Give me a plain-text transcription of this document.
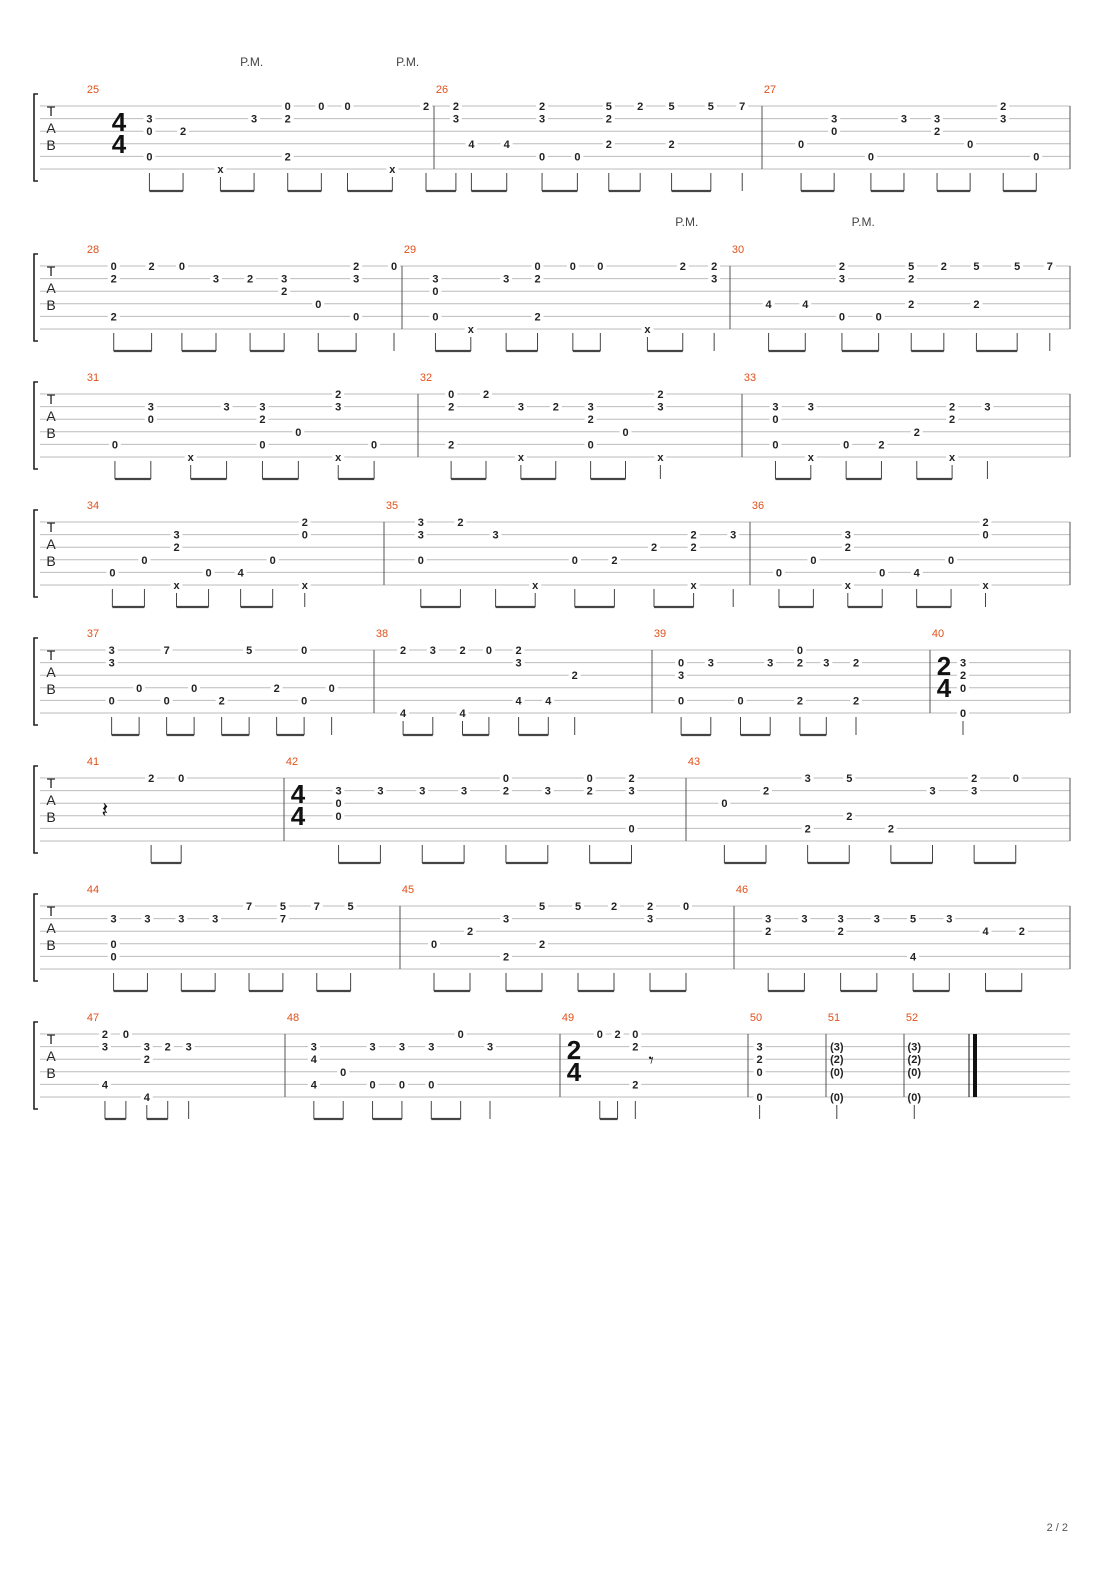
T
A
B
P.M.	P.M.
25
4
4
3
0
0
2
x
3
0
2
2
0 0
x
2 2
3
26
4	4
2
3
0	0
5
2
2
2 5
2
5 7
27
0
3
0
0
3 3
2
0
2
3
0
T
A
B
P.M.	P.M.
28
0
2
2
2 0
3	2	3
2
0
2
3
0
0
29
3
0
0
x
3
0
2
2
0 0
x
2 2
3
30
4	4
2
3
0	0
5
2
2
2 5
2
5 7
T
A
B
31
0
3
0
x
3	3
2
0
0
2
3
x
0
32
0
2
2
2
3
x
2	3
2
0
0
2
3
x
33
3
0
0
3
x
0	2
2
2
2
x
3
T
A
B
34
0
0
3
2
x
0 4
0
2
0
x
35
3
3
0
2
3
x
0	2
2
2
2
x
3
36
0
0
3
2
x
0	4
0
2
0
x
T
A
B
37
3
3
0
0
7
0
0
2
5
2
0
0
0
38
2
4
3 2
4
0 2
3
4 4
2
39
0
3
0
3
0
3
0
2
2
3 2
2
40
2
4
3
2
0
0
T
A
B
41
𝄽
2 0
42
4
4
3
0
0
3	3	3
0
2	3
0
2
2
3
0
43
0
2
3
2
5
2
2
3
2
3
0
T
A
B
44
3
0
0
3	3	3
7	5
7
7	5
45
0
2
3
2
5
2
5	2	2
3
0
46
3
2
3	3
2
3	5
4
3
4	2
T
A
B
47
2
3
4
0
3
2
4
2 3
48
3
4
4
0
3
0
3
0
3
0
0
3
49
2
4
0 2 0
2
2
𝄾
50
3
2
0
0
51
(3)
(2)
(0)
(0)
52
(3)
(2)
(0)
(0)
2 / 2
